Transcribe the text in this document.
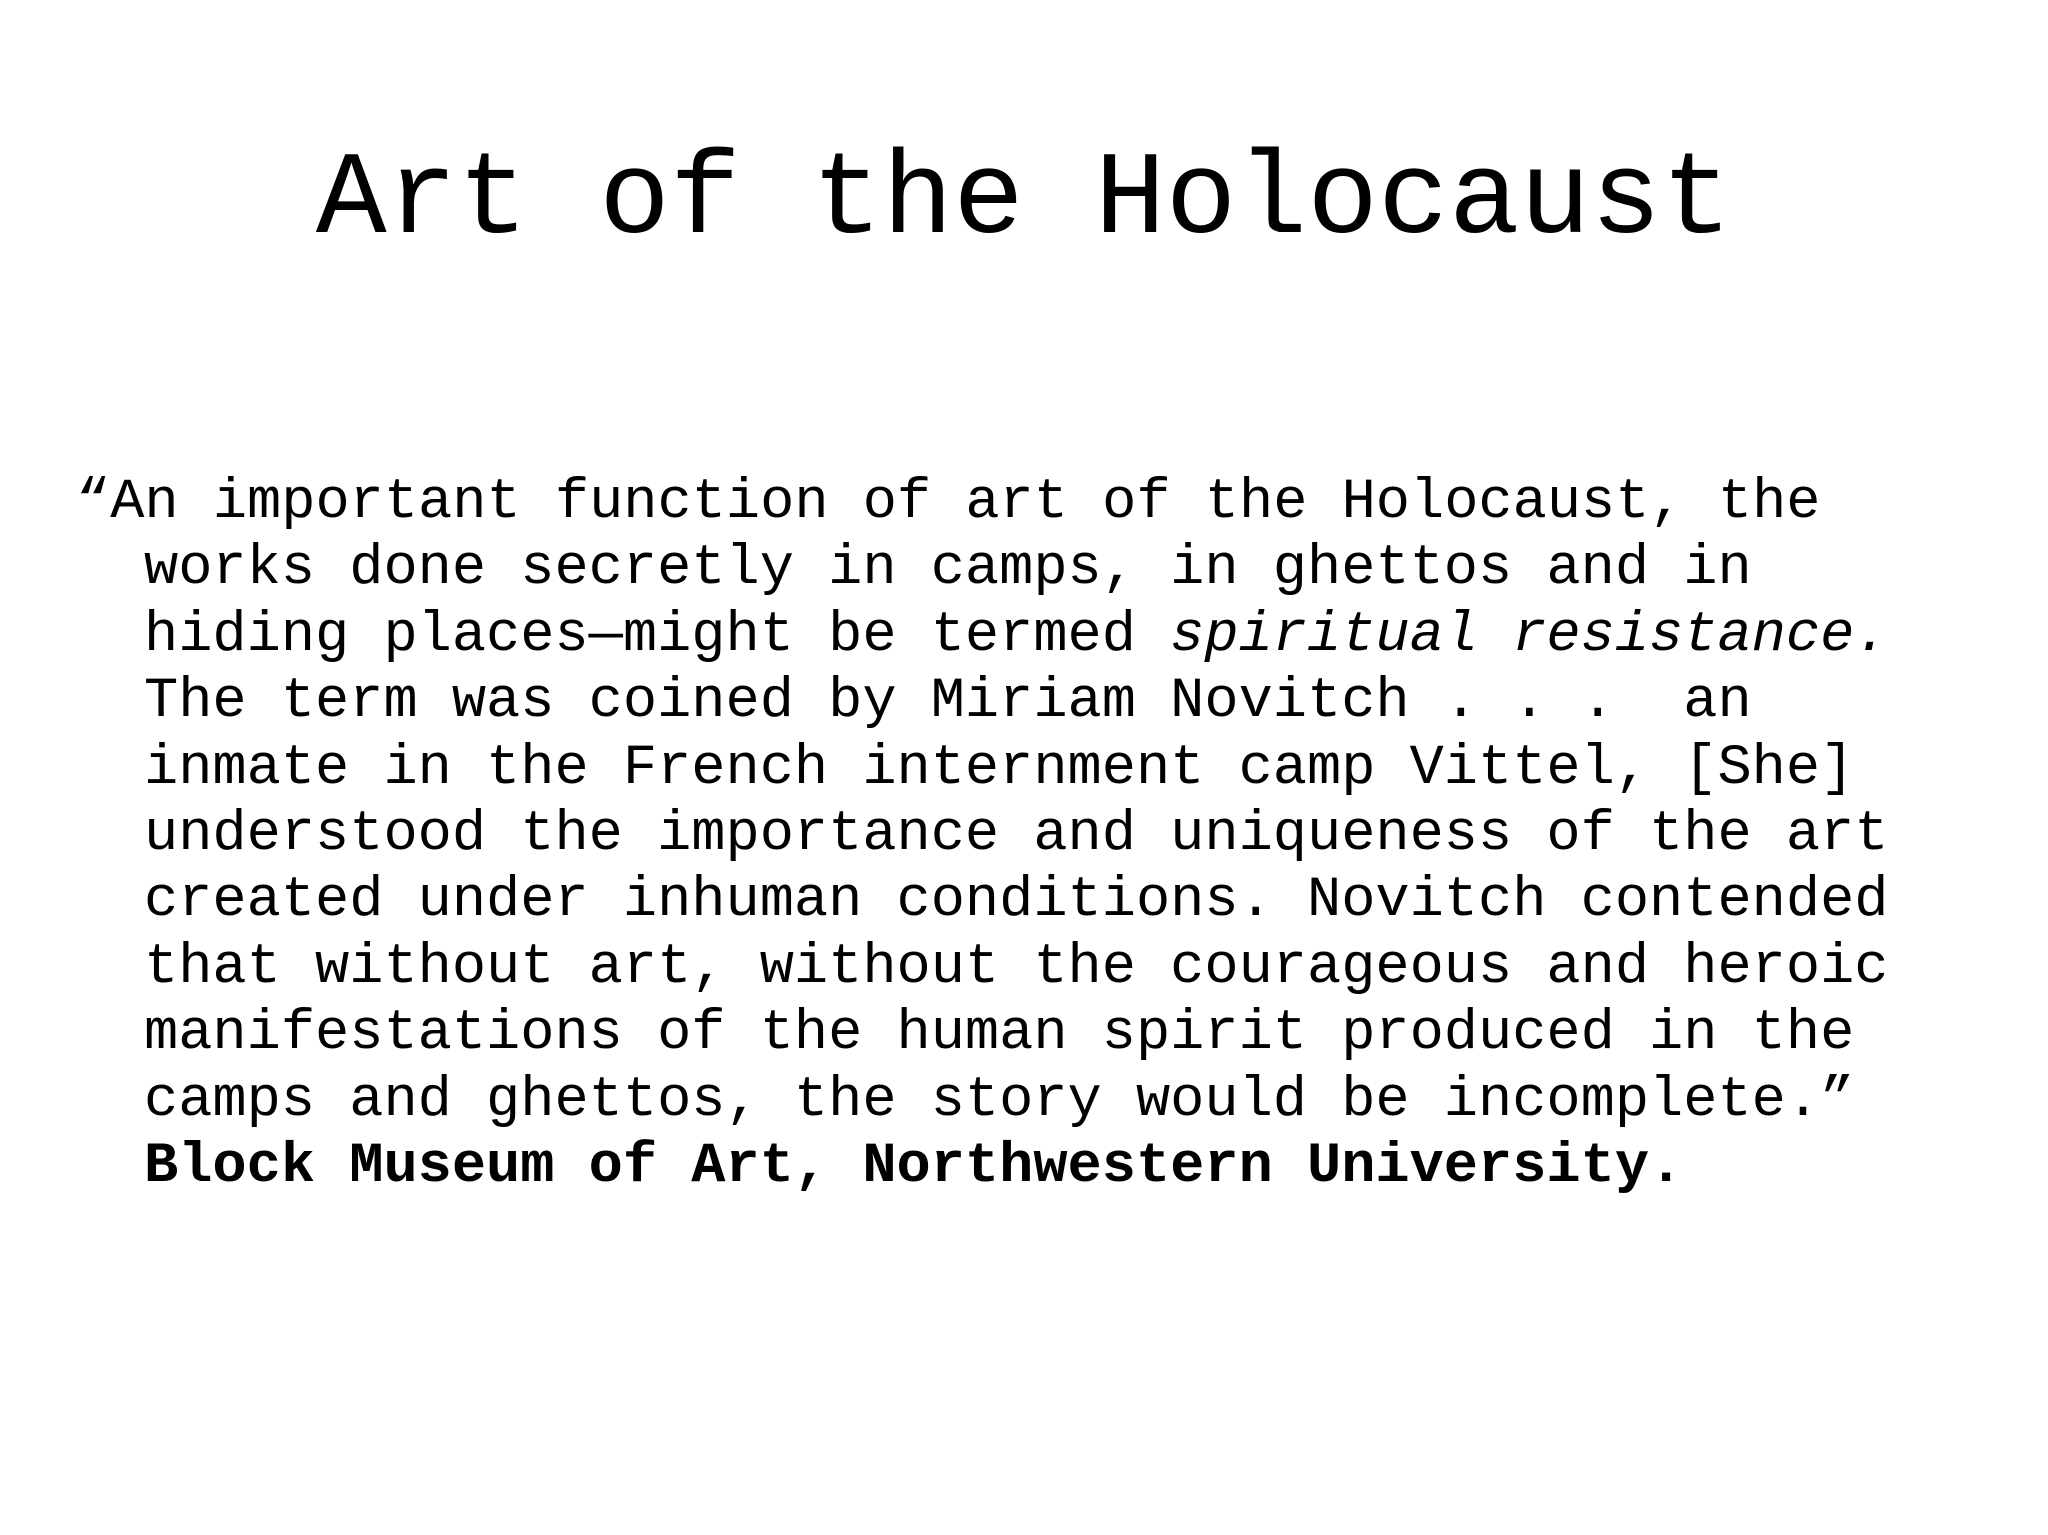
Art of the Holocaust
“An important function of art of the Holocaust, the
works done secretly in camps, in ghettos and in
hiding places—might be termed spiritual resistance.
The term was coined by Miriam Novitch . . .  an
inmate in the French internment camp Vittel, [She]
understood the importance and uniqueness of the art
created under inhuman conditions. Novitch contended
that without art, without the courageous and heroic
manifestations of the human spirit produced in the
camps and ghettos, the story would be incomplete.”
Block Museum of Art, Northwestern University.
